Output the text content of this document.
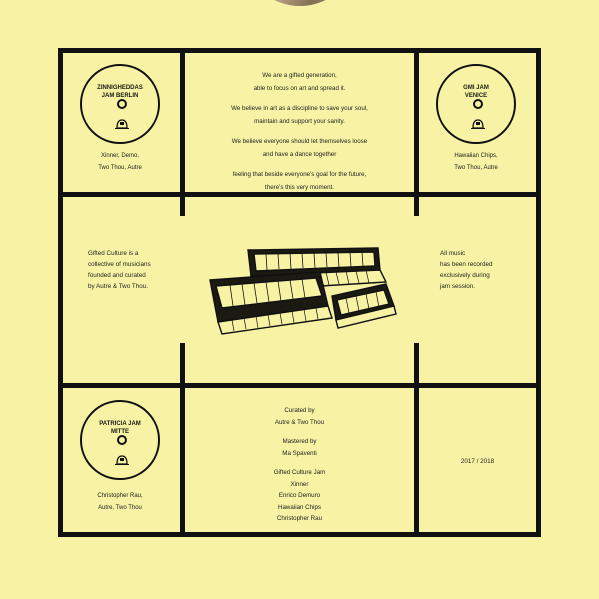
ZINNIGHEDDAS
JAM BERLIN
Xinner, Demo,
Two Thou, Autre

We are a gifted generation,
able to focus on art and spread it.

We believe in art as a discipline to save your soul,
maintain and support your sanity.

We believe everyone should let themselves loose
and have a dance together

feeling that beside everyone's goal for the future,
there's this very moment.

GMI JAM
VENICE
Hawaiian Chips,
Two Thou, Autre
Gifted Culture is a
collective of musicians
founded and curated
by Autre & Two Thou.
All music
has been recorded
exclusively during
jam session.
PATRICIA JAM
MITTE
Christopher Rau,
Autre, Two Thou

Curated by
Autre & Two Thou

Mastered by
Ma Spaventi

Gifted Culture Jam
Xinner
Enrico Demuro
Hawaiian Chips
Christopher Rau

2017 / 2018
